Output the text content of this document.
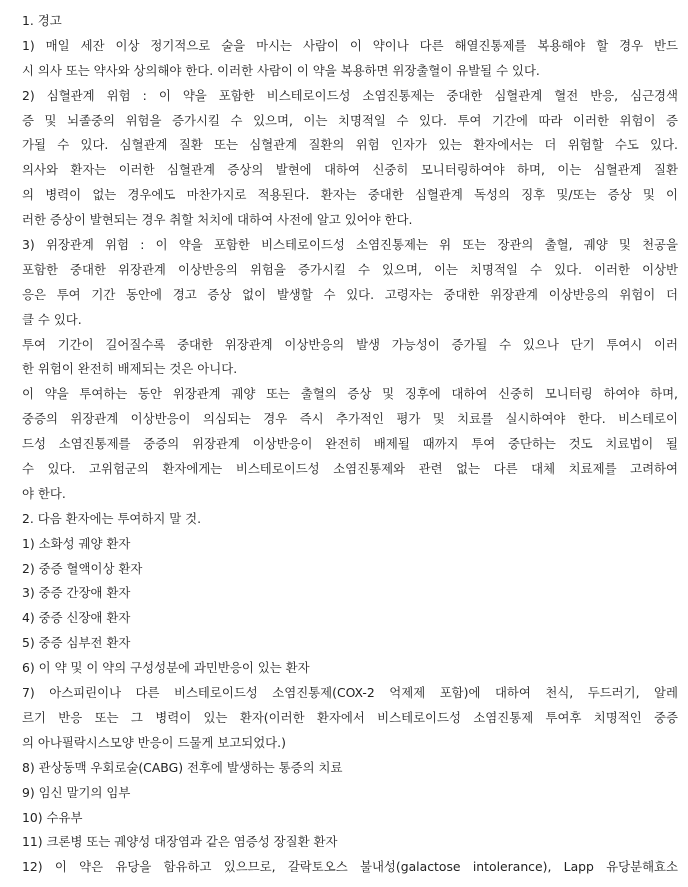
1. 경고
1) 매일 세잔 이상 정기적으로 술을 마시는 사람이 이 약이나 다른 해열진통제를 복용해야 할 경우 반드
시 의사 또는 약사와 상의해야 한다. 이러한 사람이 이 약을 복용하면 위장출혈이 유발될 수 있다.
2) 심혈관계 위험 : 이 약을 포함한 비스테로이드성 소염진통제는 중대한 심혈관계 혈전 반응, 심근경색
증 및 뇌졸중의 위험을 증가시킬 수 있으며, 이는 치명적일 수 있다. 투여 기간에 따라 이러한 위험이 증
가될 수 있다. 심혈관계 질환 또는 심혈관계 질환의 위험 인자가 있는 환자에서는 더 위험할 수도 있다.
의사와 환자는 이러한 심혈관계 증상의 발현에 대하여 신중히 모니터링하여야 하며, 이는 심혈관계 질환
의 병력이 없는 경우에도 마찬가지로 적용된다. 환자는 중대한 심혈관계 독성의 징후 및/또는 증상 및 이
러한 증상이 발현되는 경우 취할 처치에 대하여 사전에 알고 있어야 한다.
3) 위장관계 위험 : 이 약을 포함한 비스테로이드성 소염진통제는 위 또는 장관의 출혈, 궤양 및 천공을
포함한 중대한 위장관계 이상반응의 위험을 증가시킬 수 있으며, 이는 치명적일 수 있다. 이러한 이상반
응은 투여 기간 동안에 경고 증상 없이 발생할 수 있다. 고령자는 중대한 위장관계 이상반응의 위험이 더
클 수 있다.
투여 기간이 길어질수록 중대한 위장관계 이상반응의 발생 가능성이 증가될 수 있으나 단기 투여시 이러
한 위험이 완전히 배제되는 것은 아니다.
이 약을 투여하는 동안 위장관계 궤양 또는 출혈의 증상 및 징후에 대하여 신중히 모니터링 하여야 하며,
중증의 위장관계 이상반응이 의심되는 경우 즉시 추가적인 평가 및 치료를 실시하여야 한다. 비스테로이
드성 소염진통제를 중증의 위장관계 이상반응이 완전히 배제될 때까지 투여 중단하는 것도 치료법이 될
수 있다. 고위험군의 환자에게는 비스테로이드성 소염진통제와 관련 없는 다른 대체 치료제를 고려하여
야 한다.
2. 다음 환자에는 투여하지 말 것.
1) 소화성 궤양 환자
2) 중증 혈액이상 환자
3) 중증 간장애 환자
4) 중증 신장애 환자
5) 중증 심부전 환자
6) 이 약 및 이 약의 구성성분에 과민반응이 있는 환자
7) 아스피린이나 다른 비스테로이드성 소염진통제(COX-2 억제제 포함)에 대하여 천식, 두드러기, 알레
르기 반응 또는 그 병력이 있는 환자(이러한 환자에서 비스테로이드성 소염진통제 투여후 치명적인 중증
의 아나필락시스모양 반응이 드물게 보고되었다.)
8) 관상동맥 우회로술(CABG) 전후에 발생하는 통증의 치료
9) 임신 말기의 임부
10) 수유부
11) 크론병 또는 궤양성 대장염과 같은 염증성 장질환 환자
12) 이 약은 유당을 함유하고 있으므로, 갈락토오스 불내성(galactose intolerance), Lapp 유당분해효소
